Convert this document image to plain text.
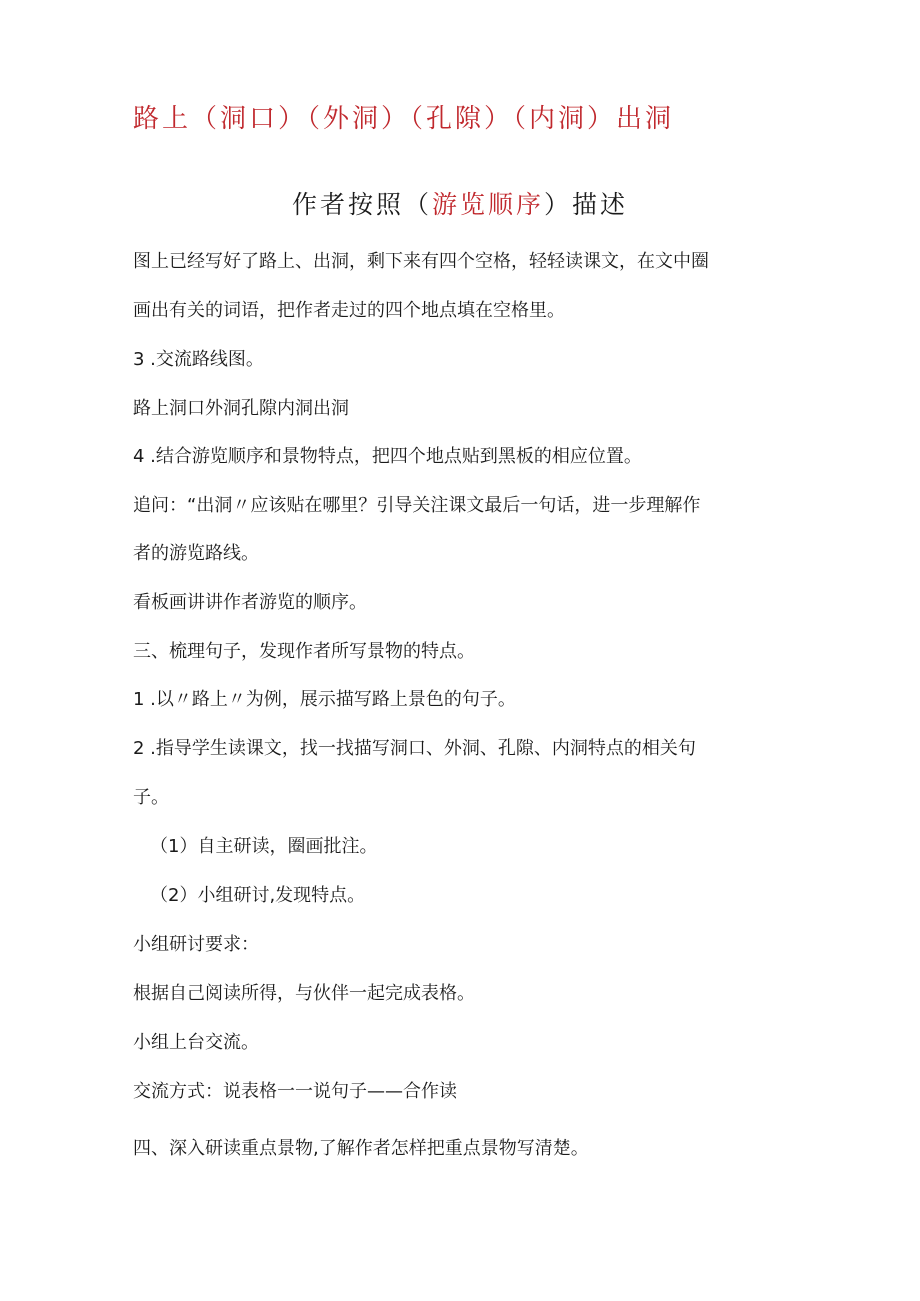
路上（洞口）（外洞）（孔隙）（内洞）出洞
作者按照（游览顺序）描述
图上已经写好了路上、出洞，剩下来有四个空格，轻轻读课文，在文中圈
画出有关的词语，把作者走过的四个地点填在空格里。
3 .交流路线图。
路上洞口外洞孔隙内洞出洞
4 .结合游览顺序和景物特点，把四个地点贴到黑板的相应位置。
追问：“出洞〃应该贴在哪里？引导关注课文最后一句话，进一步理解作
者的游览路线。
看板画讲讲作者游览的顺序。
三、梳理句子，发现作者所写景物的特点。
1 .以〃路上〃为例，展示描写路上景色的句子。
2 .指导学生读课文，找一找描写洞口、外洞、孔隙、内洞特点的相关句
子。
（1）自主研读，圈画批注。
（2）小组研讨,发现特点。
小组研讨要求：
根据自己阅读所得，与伙伴一起完成表格。
小组上台交流。
交流方式：说表格一一说句子——合作读
四、深入研读重点景物,了解作者怎样把重点景物写清楚。
